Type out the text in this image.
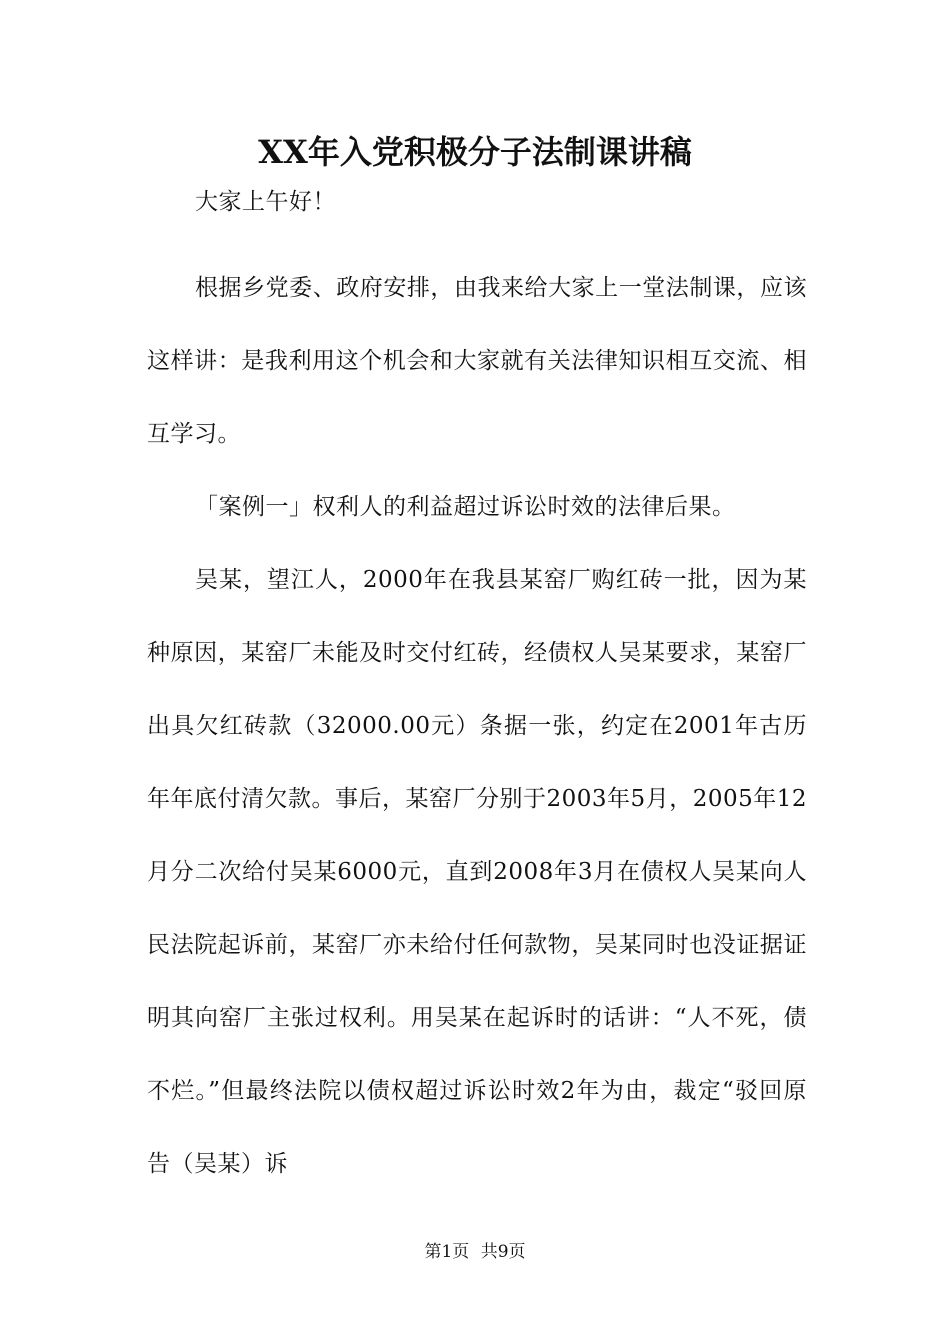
XX年入党积极分子法制课讲稿

大家上午好！

根据乡党委、政府安排，由我来给大家上一堂法制课，应该这样讲：是我利用这个机会和大家就有关法律知识相互交流、相互学习。

「案例一」权利人的利益超过诉讼时效的法律后果。

吴某，望江人，2000年在我县某窑厂购红砖一批，因为某种原因，某窑厂未能及时交付红砖，经债权人吴某要求，某窑厂出具欠红砖款（32000.00元）条据一张，约定在2001年古历年年底付清欠款。事后，某窑厂分别于2003年5月，2005年12月分二次给付吴某6000元，直到2008年3月在债权人吴某向人民法院起诉前，某窑厂亦未给付任何款物，吴某同时也没证据证明其向窑厂主张过权利。用吴某在起诉时的话讲：“人不死，债不烂。”但最终法院以债权超过诉讼时效2年为由，裁定“驳回原告（吴某）诉

第1页 共9页
